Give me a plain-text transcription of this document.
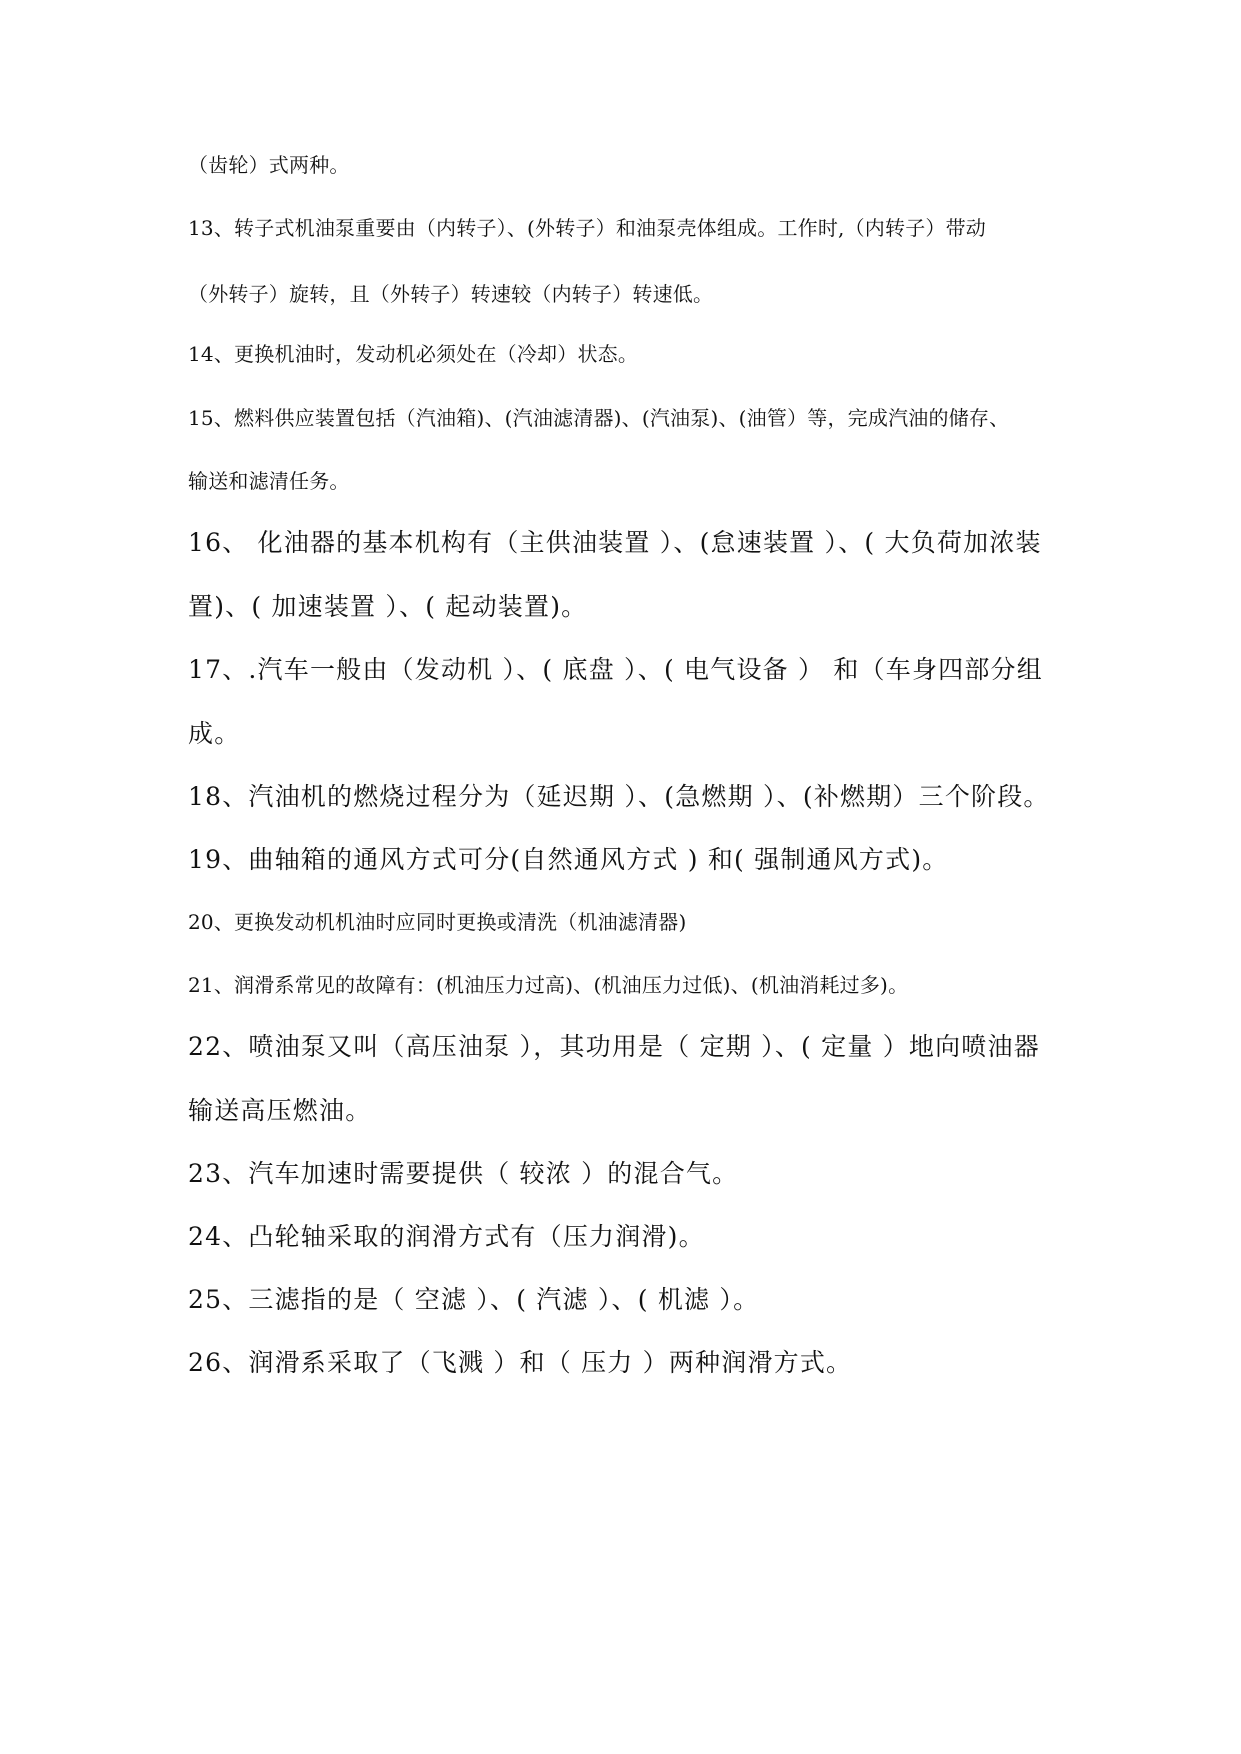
（齿轮）式两种。

13、转子式机油泵重要由（内转子）、(外转子）和油泵壳体组成。工作时,（内转子）带动

（外转子）旋转，且（外转子）转速较（内转子）转速低。

14、更换机油时，发动机必须处在（冷却）状态。

15、燃料供应装置包括（汽油箱)、(汽油滤清器)、(汽油泵)、(油管）等，完成汽油的储存、

输送和滤清任务。

16、 化油器的基本机构有（主供油装置 ）、(怠速装置 ）、( 大负荷加浓装

置)、( 加速装置 ）、( 起动装置)。

17、.汽车一般由（发动机 ）、( 底盘 ）、( 电气设备 ） 和（车身四部分组

成。

18、汽油机的燃烧过程分为（延迟期 ）、(急燃期 ）、(补燃期）三个阶段。

19、曲轴箱的通风方式可分(自然通风方式 ) 和( 强制通风方式)。

20、更换发动机机油时应同时更换或清洗（机油滤清器)

21、润滑系常见的故障有：(机油压力过高)、(机油压力过低)、(机油消耗过多)。

22、喷油泵又叫（高压油泵 ），其功用是（ 定期 ）、( 定量 ）地向喷油器

输送高压燃油。

23、汽车加速时需要提供（ 较浓 ）的混合气。

24、凸轮轴采取的润滑方式有（压力润滑)。

25、三滤指的是（ 空滤 ）、( 汽滤 ）、( 机滤 ）。

26、润滑系采取了（飞溅 ）和（ 压力 ）两种润滑方式。
